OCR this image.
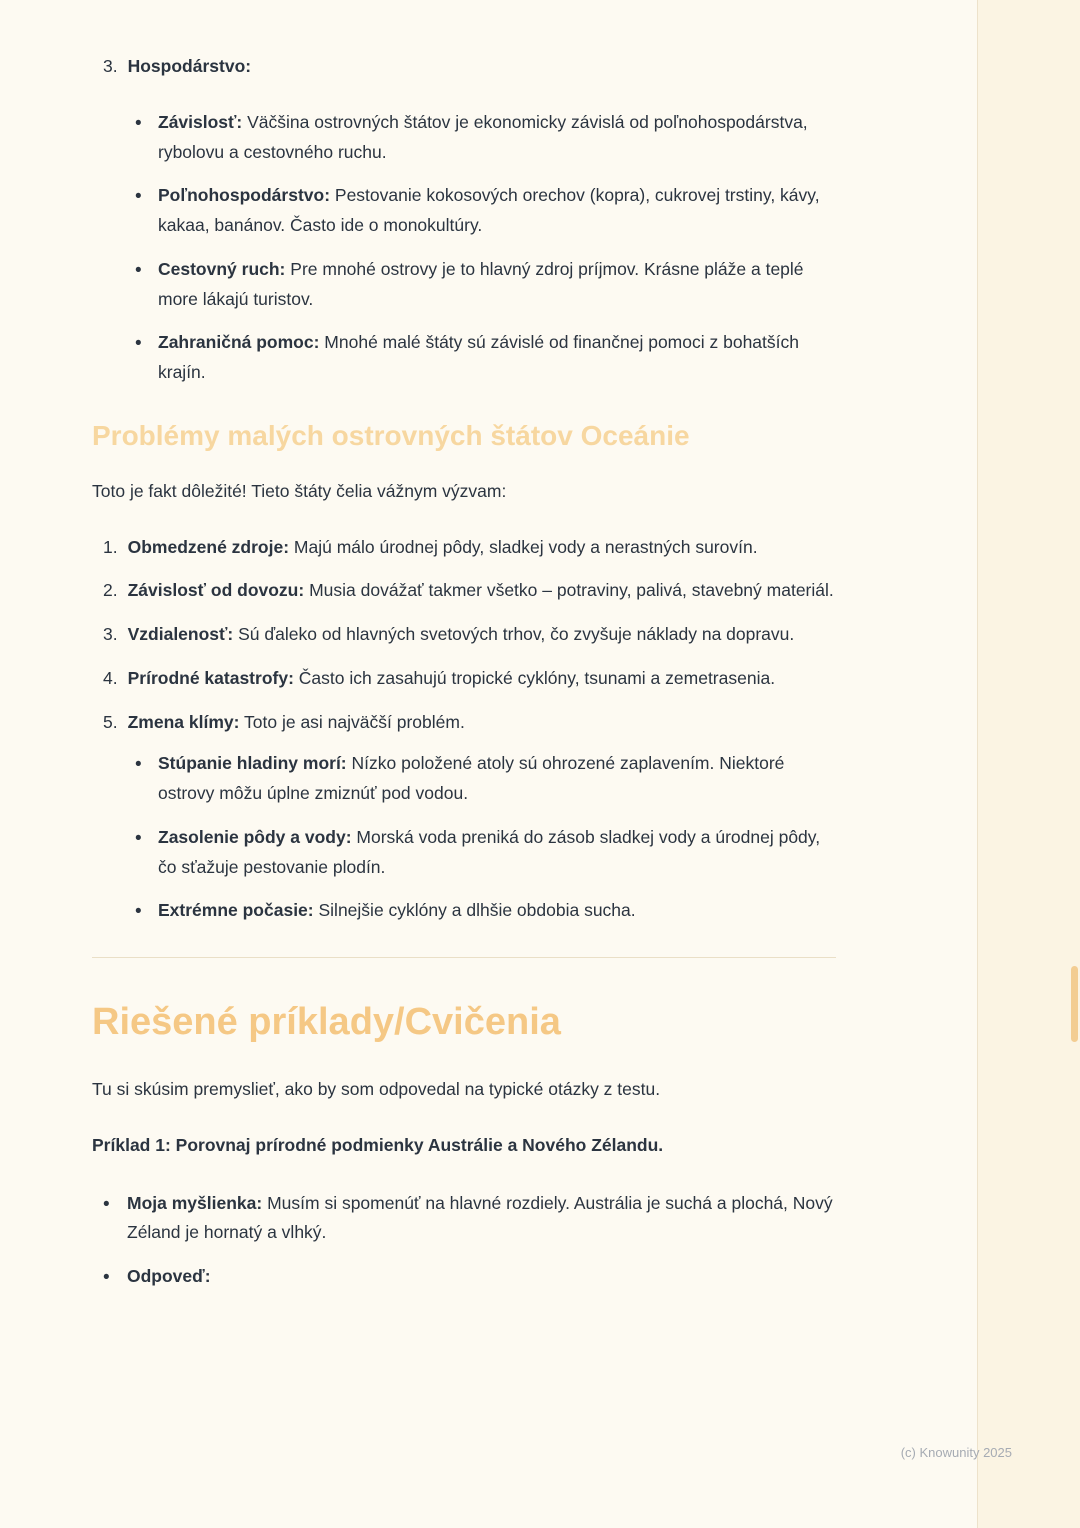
3. Hospodárstvo:
• Závislosť: Väčšina ostrovných štátov je ekonomicky závislá od poľnohospodárstva, rybolovu a cestovného ruchu.
• Poľnohospodárstvo: Pestovanie kokosových orechov (kopra), cukrovej trstiny, kávy, kakaa, banánov. Často ide o monokultúry.
• Cestovný ruch: Pre mnohé ostrovy je to hlavný zdroj príjmov. Krásne pláže a teplé more lákajú turistov.
• Zahraničná pomoc: Mnohé malé štáty sú závislé od finančnej pomoci z bohatších krajín.
Problémy malých ostrovných štátov Oceánie

Toto je fakt dôležité! Tieto štáty čelia vážnym výzvam:

1. Obmedzené zdroje: Majú málo úrodnej pôdy, sladkej vody a nerastných surovín.
2. Závislosť od dovozu: Musia dovážať takmer všetko – potraviny, palivá, stavebný materiál.
3. Vzdialenosť: Sú ďaleko od hlavných svetových trhov, čo zvyšuje náklady na dopravu.
4. Prírodné katastrofy: Často ich zasahujú tropické cyklóny, tsunami a zemetrasenia.
5. Zmena klímy: Toto je asi najväčší problém.
• Stúpanie hladiny morí: Nízko položené atoly sú ohrozené zaplavením. Niektoré ostrovy môžu úplne zmiznúť pod vodou.
• Zasolenie pôdy a vody: Morská voda preniká do zásob sladkej vody a úrodnej pôdy, čo sťažuje pestovanie plodín.
• Extrémne počasie: Silnejšie cyklóny a dlhšie obdobia sucha.
Riešené príklady/Cvičenia

Tu si skúsim premyslieť, ako by som odpovedal na typické otázky z testu.

Príklad 1: Porovnaj prírodné podmienky Austrálie a Nového Zélandu.

• Moja myšlienka: Musím si spomenúť na hlavné rozdiely. Austrália je suchá a plochá, Nový Zéland je hornatý a vlhký.
• Odpoveď:
(c) Knowunity 2025
